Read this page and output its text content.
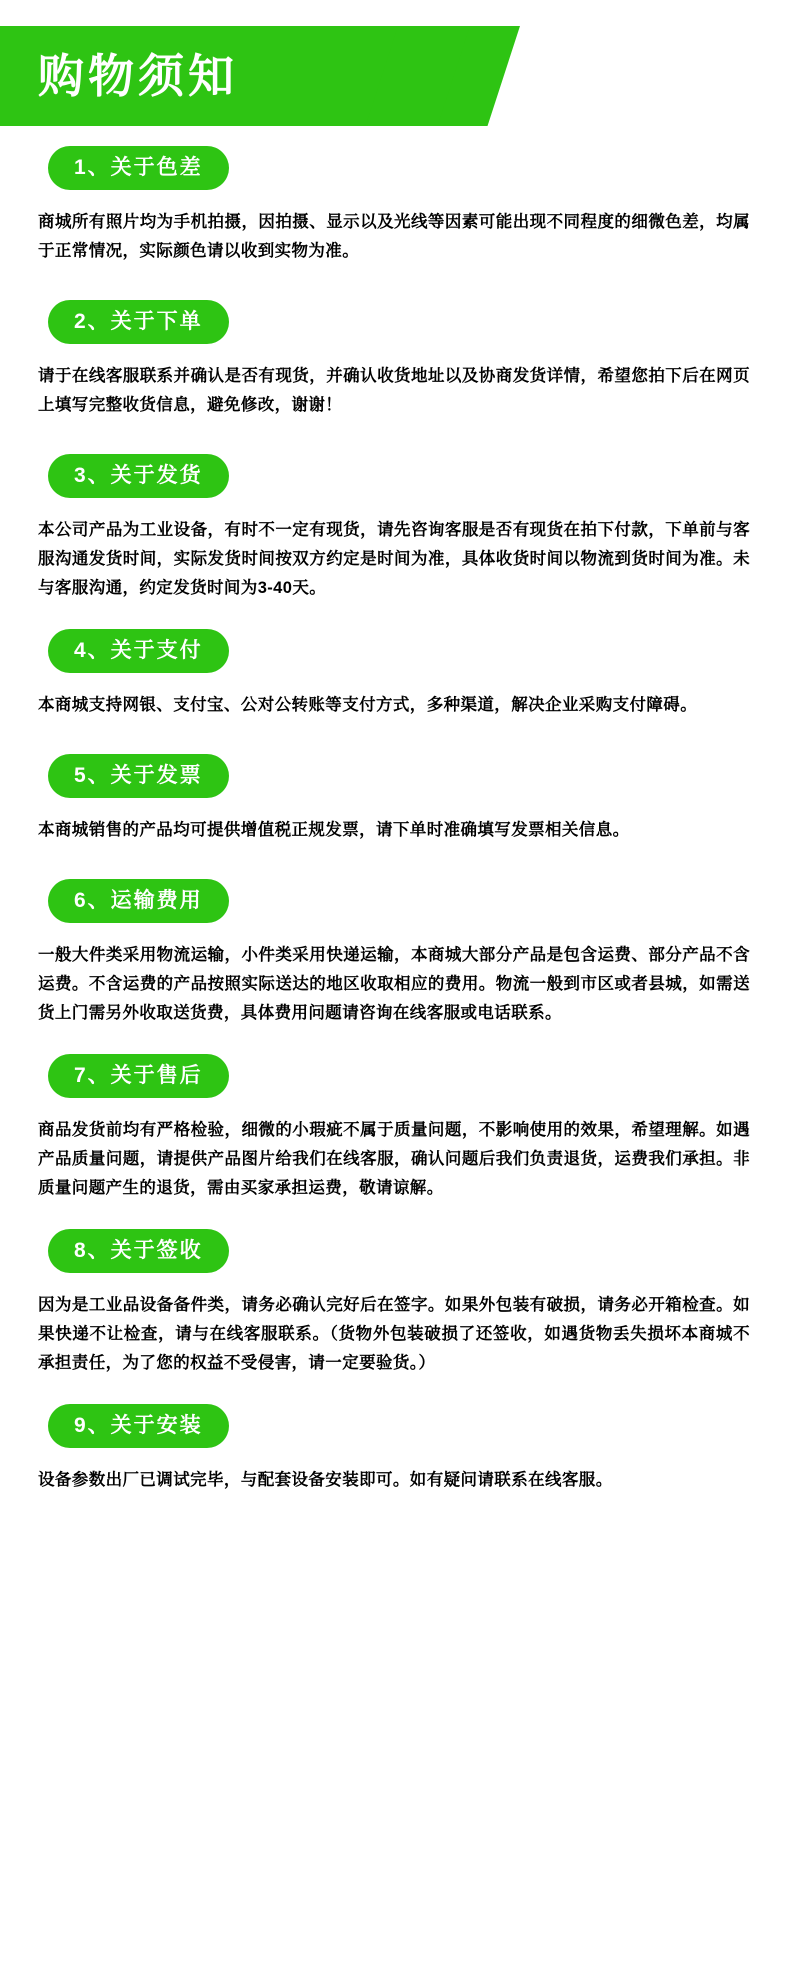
购物须知
1、关于色差
商城所有照片均为手机拍摄，因拍摄、显示以及光线等因素可能出现不同程度的细微色差，均属于正常情况，实际颜色请以收到实物为准。
2、关于下单
请于在线客服联系并确认是否有现货，并确认收货地址以及协商发货详情，希望您拍下后在网页上填写完整收货信息，避免修改，谢谢！
3、关于发货
本公司产品为工业设备，有时不一定有现货，请先咨询客服是否有现货在拍下付款，下单前与客服沟通发货时间，实际发货时间按双方约定是时间为准，具体收货时间以物流到货时间为准。未与客服沟通，约定发货时间为3-40天。
4、关于支付
本商城支持网银、支付宝、公对公转账等支付方式，多种渠道，解决企业采购支付障碍。
5、关于发票
本商城销售的产品均可提供增值税正规发票，请下单时准确填写发票相关信息。
6、运输费用
一般大件类采用物流运输，小件类采用快递运输，本商城大部分产品是包含运费、部分产品不含运费。不含运费的产品按照实际送达的地区收取相应的费用。物流一般到市区或者县城，如需送货上门需另外收取送货费，具体费用问题请咨询在线客服或电话联系。
7、关于售后
商品发货前均有严格检验，细微的小瑕疵不属于质量问题，不影响使用的效果，希望理解。如遇产品质量问题，请提供产品图片给我们在线客服，确认问题后我们负责退货，运费我们承担。非质量问题产生的退货，需由买家承担运费，敬请谅解。
8、关于签收
因为是工业品设备备件类，请务必确认完好后在签字。如果外包装有破损，请务必开箱检查。如果快递不让检查，请与在线客服联系。（货物外包装破损了还签收，如遇货物丢失损坏本商城不承担责任，为了您的权益不受侵害，请一定要验货。）
9、关于安装
设备参数出厂已调试完毕，与配套设备安装即可。如有疑问请联系在线客服。
